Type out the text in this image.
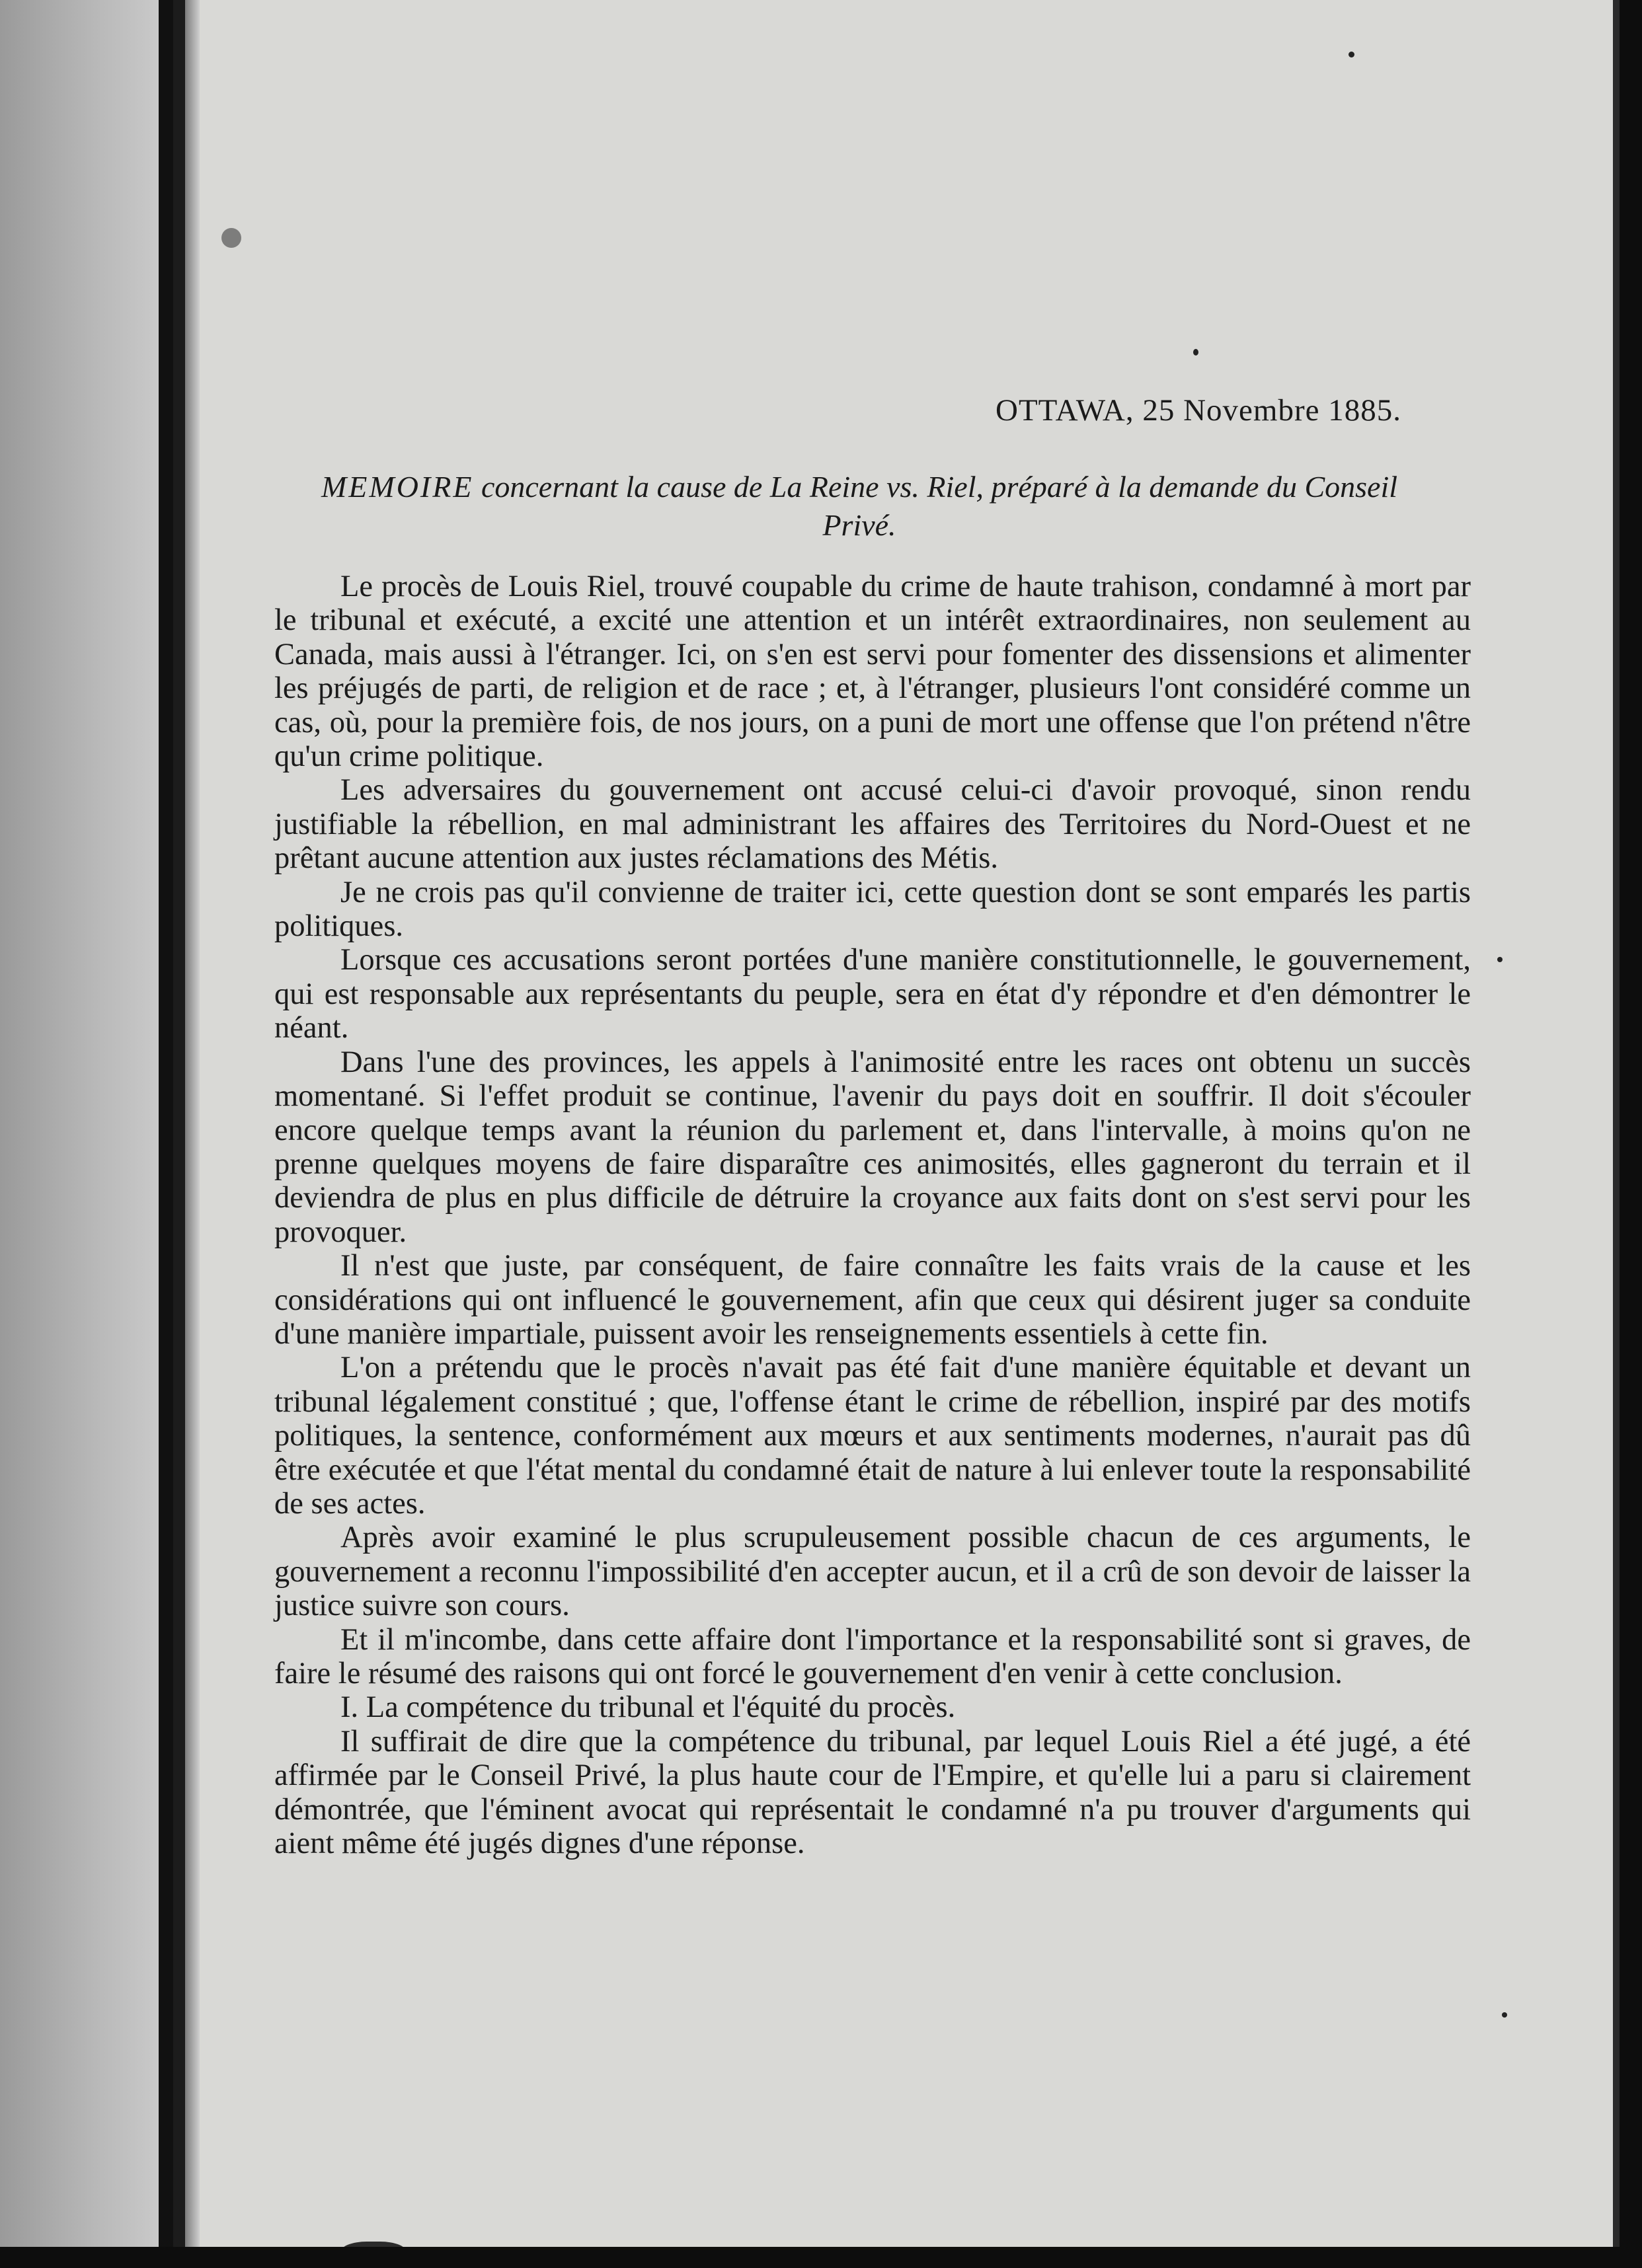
OTTAWA, 25 Novembre 1885.
MEMOIRE concernant la cause de La Reine vs. Riel, préparé à la demande du Conseil Privé.

Le procès de Louis Riel, trouvé coupable du crime de haute trahison, condamné à mort par le tribunal et exécuté, a excité une attention et un intérêt extraordinaires, non seulement au Canada, mais aussi à l'étranger. Ici, on s'en est servi pour fomenter des dissensions et alimenter les préjugés de parti, de religion et de race ; et, à l'étranger, plusieurs l'ont considéré comme un cas, où, pour la première fois, de nos jours, on a puni de mort une offense que l'on prétend n'être qu'un crime politique.

Les adversaires du gouvernement ont accusé celui-ci d'avoir provoqué, sinon rendu justifiable la rébellion, en mal administrant les affaires des Territoires du Nord-Ouest et ne prêtant aucune attention aux justes réclamations des Métis.

Je ne crois pas qu'il convienne de traiter ici, cette question dont se sont emparés les partis politiques.

Lorsque ces accusations seront portées d'une manière constitutionnelle, le gouvernement, qui est responsable aux représentants du peuple, sera en état d'y répondre et d'en démontrer le néant.

Dans l'une des provinces, les appels à l'animosité entre les races ont obtenu un succès momentané. Si l'effet produit se continue, l'avenir du pays doit en souffrir. Il doit s'écouler encore quelque temps avant la réunion du parlement et, dans l'intervalle, à moins qu'on ne prenne quelques moyens de faire disparaître ces animosités, elles gagneront du terrain et il deviendra de plus en plus difficile de détruire la croyance aux faits dont on s'est servi pour les provoquer.

Il n'est que juste, par conséquent, de faire connaître les faits vrais de la cause et les considérations qui ont influencé le gouvernement, afin que ceux qui désirent juger sa conduite d'une manière impartiale, puissent avoir les renseignements essentiels à cette fin.

L'on a prétendu que le procès n'avait pas été fait d'une manière équitable et devant un tribunal légalement constitué ; que, l'offense étant le crime de rébellion, inspiré par des motifs politiques, la sentence, conformément aux mœurs et aux sentiments modernes, n'aurait pas dû être exécutée et que l'état mental du condamné était de nature à lui enlever toute la responsabilité de ses actes.

Après avoir examiné le plus scrupuleusement possible chacun de ces arguments, le gouvernement a reconnu l'impossibilité d'en accepter aucun, et il a crû de son devoir de laisser la justice suivre son cours.

Et il m'incombe, dans cette affaire dont l'importance et la responsabilité sont si graves, de faire le résumé des raisons qui ont forcé le gouvernement d'en venir à cette conclusion.

I. La compétence du tribunal et l'équité du procès.

Il suffirait de dire que la compétence du tribunal, par lequel Louis Riel a été jugé, a été affirmée par le Conseil Privé, la plus haute cour de l'Empire, et qu'elle lui a paru si clairement démontrée, que l'éminent avocat qui représentait le condamné n'a pu trouver d'arguments qui aient même été jugés dignes d'une réponse.
